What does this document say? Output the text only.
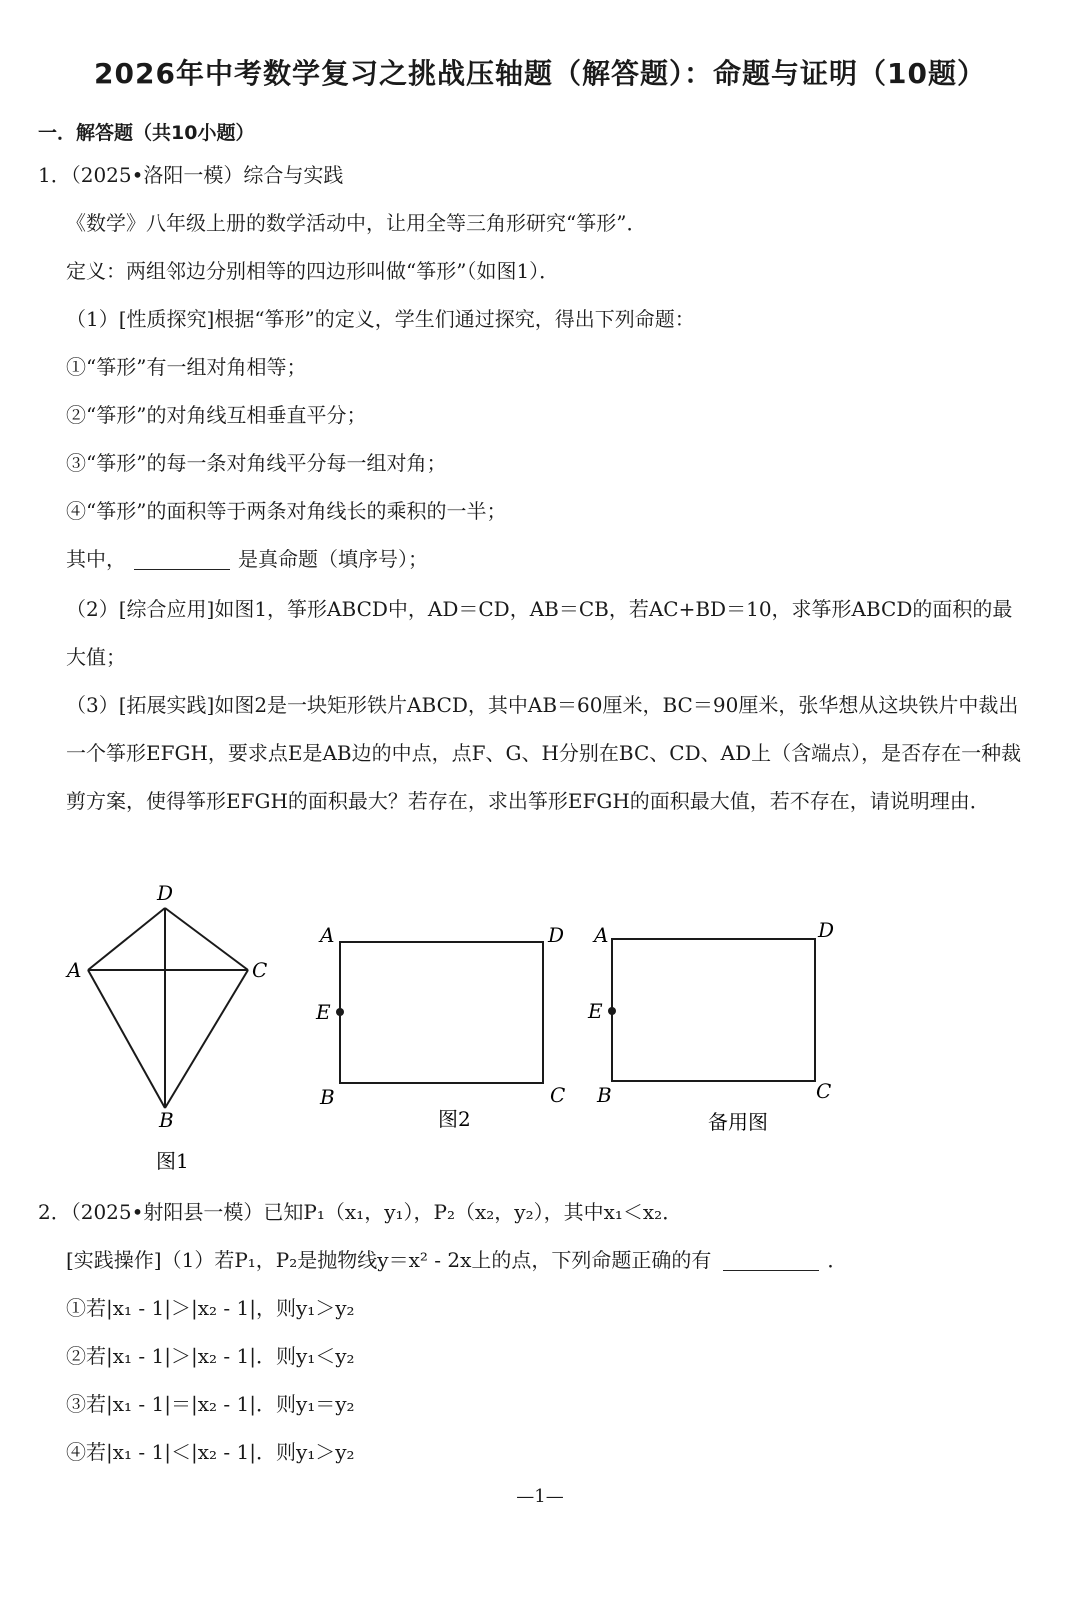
2026年中考数学复习之挑战压轴题（解答题）：命题与证明（10题）
一．解答题（共10小题）
1．（2025•洛阳一模）综合与实践
《数学》八年级上册的数学活动中，让用全等三角形研究“筝形”．
定义：两组邻边分别相等的四边形叫做“筝形”（如图1）．
（1）[性质探究]根据“筝形”的定义，学生们通过探究，得出下列命题：
①“筝形”有一组对角相等；
②“筝形”的对角线互相垂直平分；
③“筝形”的每一条对角线平分每一组对角；
④“筝形”的面积等于两条对角线长的乘积的一半；
其中，	是真命题（填序号）；
（2）[综合应用]如图1，筝形ABCD中，AD＝CD，AB＝CB，若AC+BD＝10，求筝形ABCD的面积的最大值；
（3）[拓展实践]如图2是一块矩形铁片ABCD，其中AB＝60厘米，BC＝90厘米，张华想从这块铁片中裁出一个筝形EFGH，要求点E是AB边的中点，点F、G、H分别在BC、CD、AD上（含端点），是否存在一种裁剪方案，使得筝形EFGH的面积最大？若存在，求出筝形EFGH的面积最大值，若不存在，请说明理由．
D
A	C
B
图1
A	D
E
B	C
图2
A	D
E
B	C
备用图
2．（2025•射阳县一模）已知P₁（x₁，y₁），P₂（x₂，y₂），其中x₁＜x₂．
[实践操作]（1）若P₁，P₂是抛物线y＝x² - 2x上的点，下列命题正确的有	．
①若|x₁ - 1|＞|x₂ - 1|，则y₁＞y₂
②若|x₁ - 1|＞|x₂ - 1|．则y₁＜y₂
③若|x₁ - 1|＝|x₂ - 1|．则y₁＝y₂
④若|x₁ - 1|＜|x₂ - 1|．则y₁＞y₂
—1—
